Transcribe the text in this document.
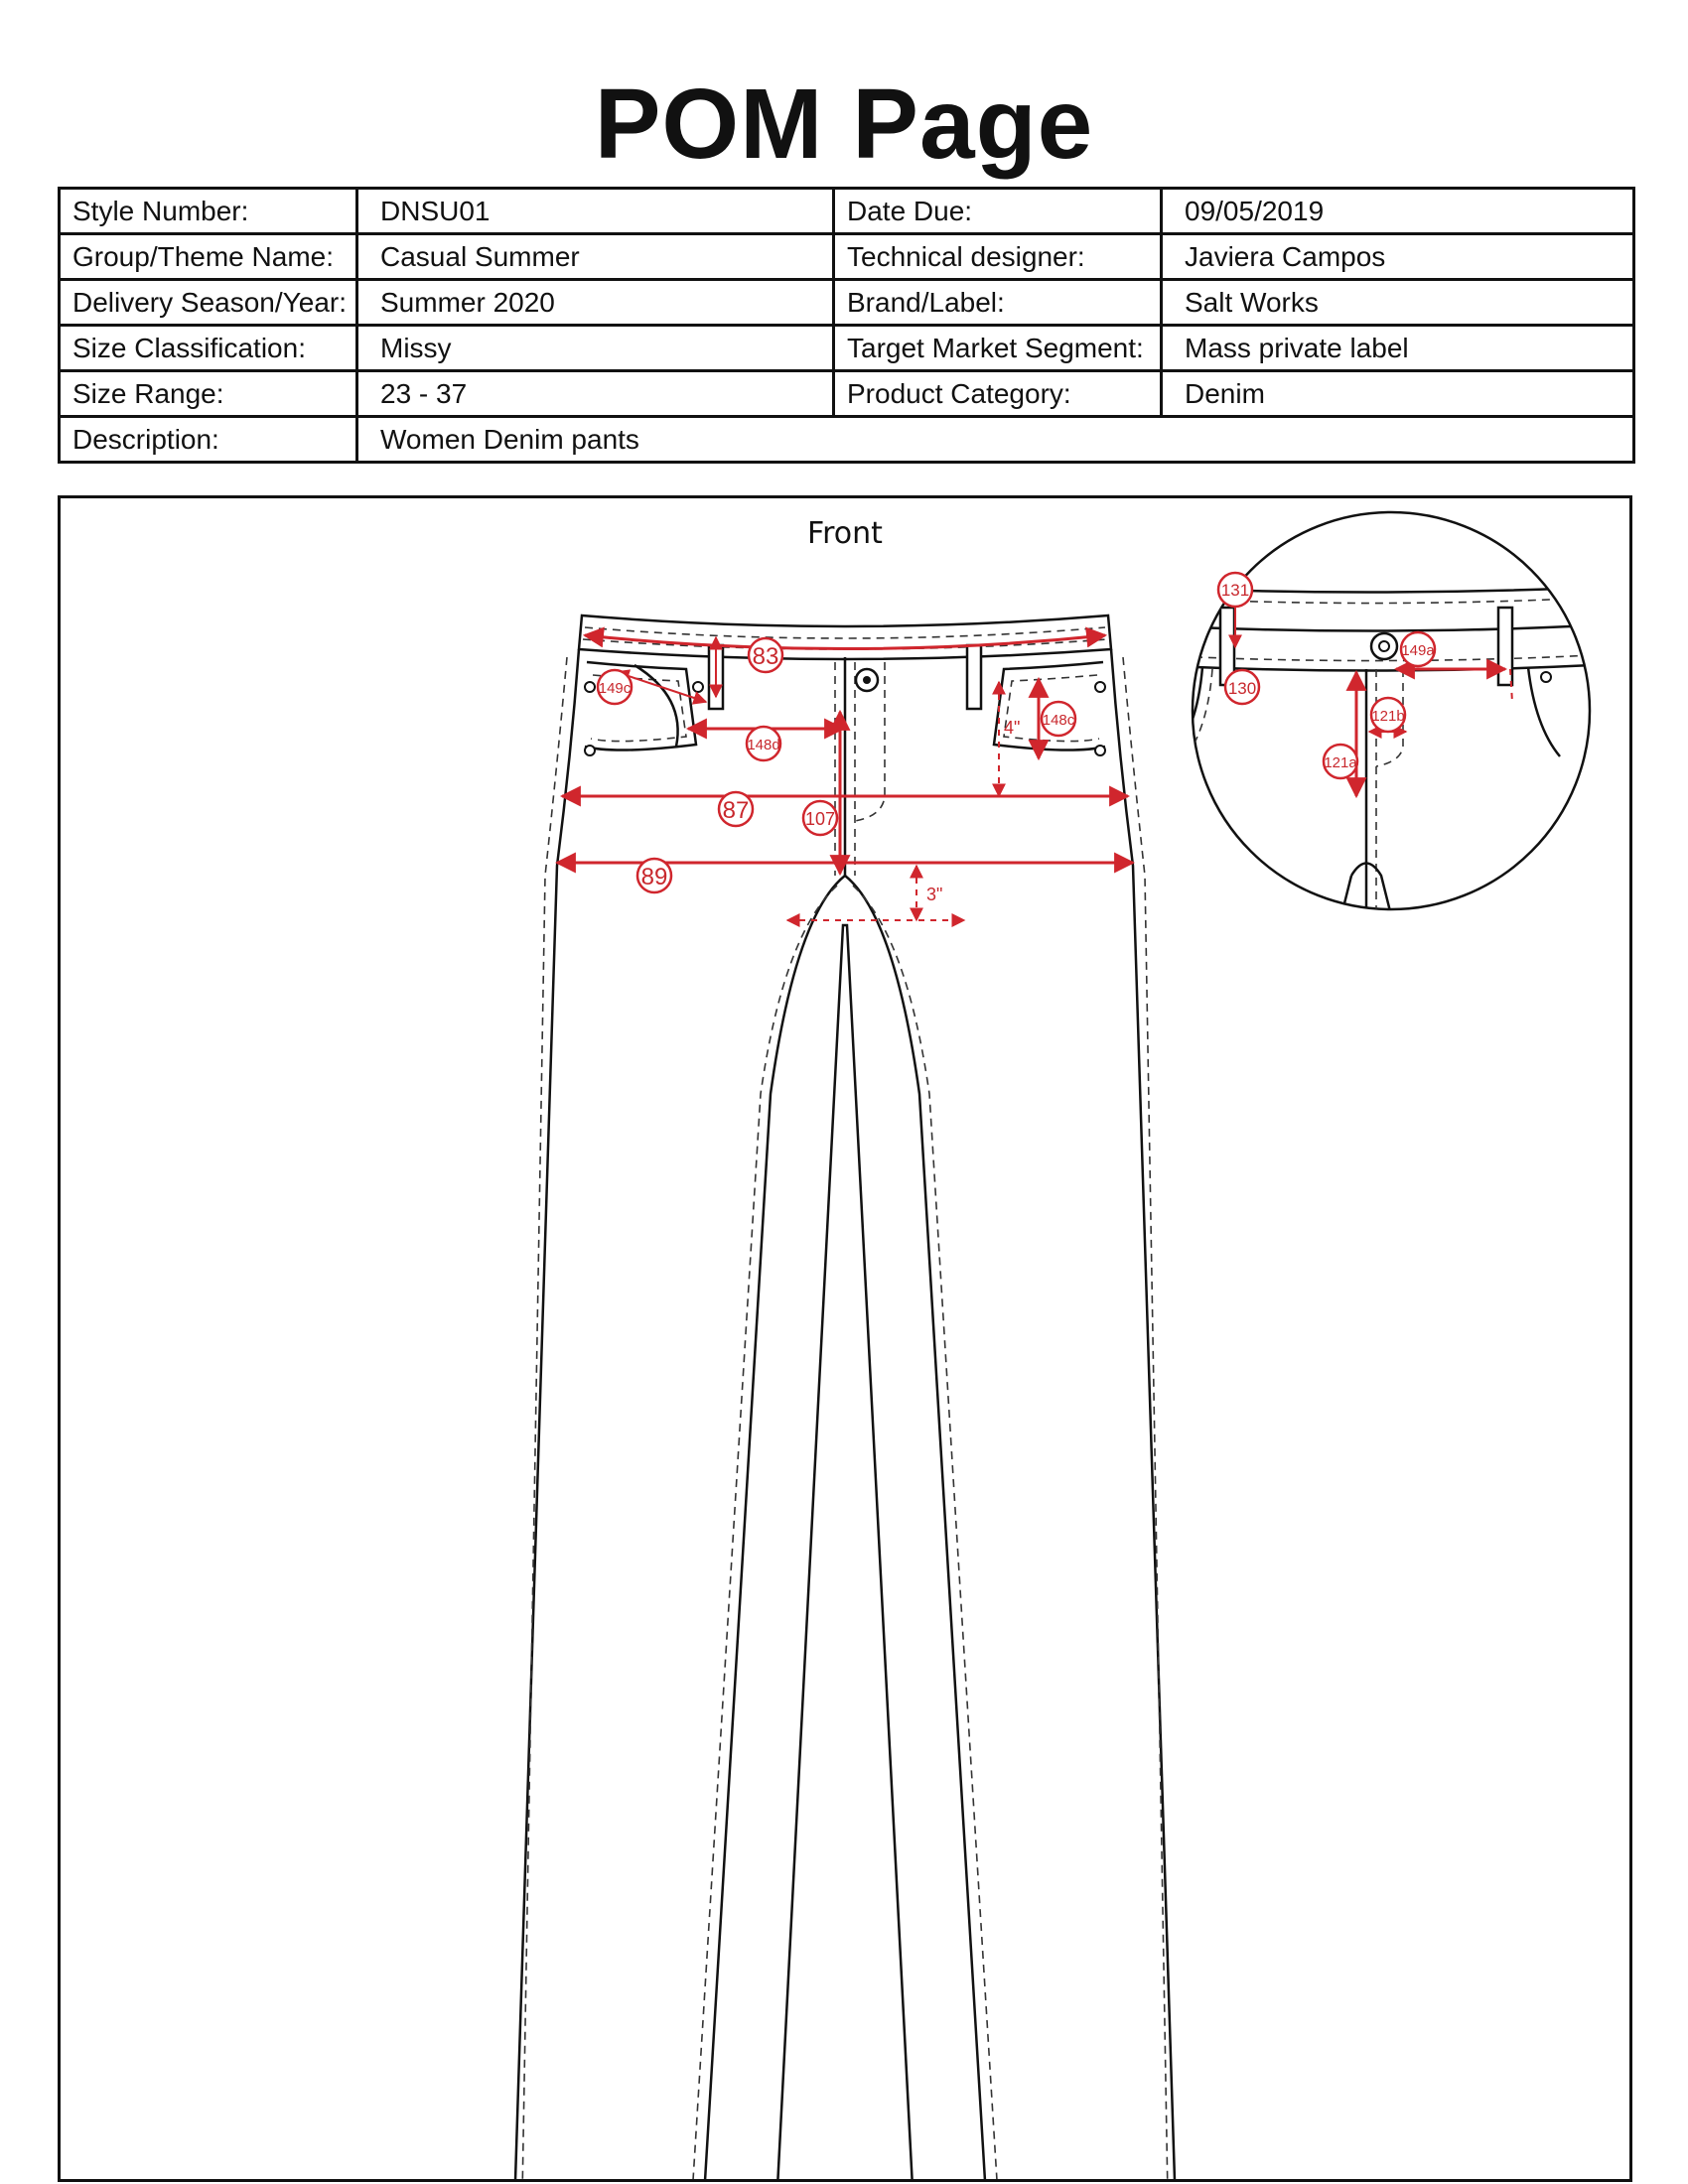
POM Page
Style Number:	DNSU01	Date Due:	09/05/2019
Group/Theme Name:	Casual Summer	Technical designer:	Javiera Campos
Delivery Season/Year:	Summer 2020	Brand/Label:	Salt Works
Size Classification:	Missy	Target Market Segment:	Mass private label
Size Range:	23 - 37	Product Category:	Denim
Description:	Women Denim pants		
Front
83
149c
148d
148c
4"
107
87
89
3"
131
130
149a
121b
121a
